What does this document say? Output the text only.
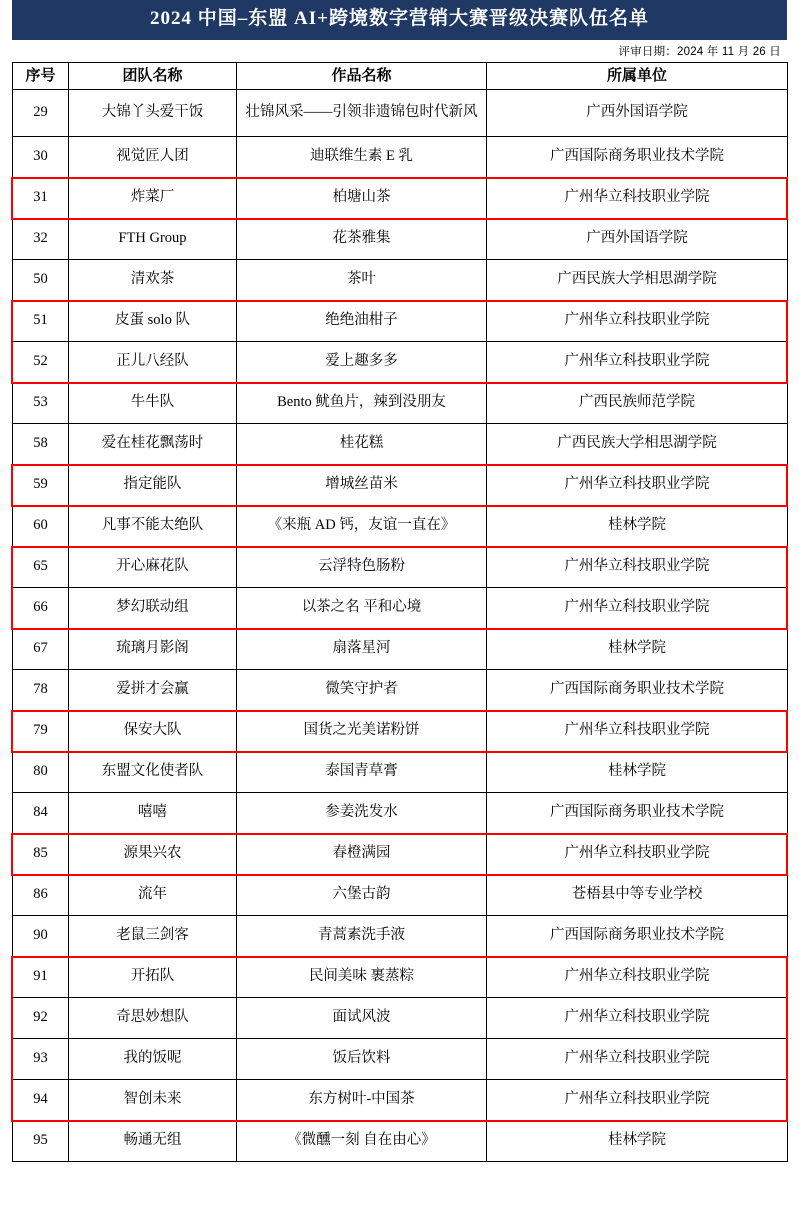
2024 中国–东盟 AI+跨境数字营销大赛晋级决赛队伍名单
评审日期：2024 年 11 月 26 日
序号	团队名称	作品名称	所属单位
29	大锦丫头爱干饭	壮锦风采——引领非遗锦包时代新风	广西外国语学院
30	视觉匠人团	迪联维生素 E 乳	广西国际商务职业技术学院
31	炸菜厂	柏塘山茶	广州华立科技职业学院
32	FTH Group	花茶雅集	广西外国语学院
50	清欢茶	茶叶	广西民族大学相思湖学院
51	皮蛋 solo 队	绝绝油柑子	广州华立科技职业学院
52	正儿八经队	爱上趣多多	广州华立科技职业学院
53	牛牛队	Bento 鱿鱼片，辣到没朋友	广西民族师范学院
58	爱在桂花飘荡时	桂花糕	广西民族大学相思湖学院
59	指定能队	增城丝苗米	广州华立科技职业学院
60	凡事不能太绝队	《来瓶 AD 钙，友谊一直在》	桂林学院
65	开心麻花队	云浮特色肠粉	广州华立科技职业学院
66	梦幻联动组	以茶之名 平和心境	广州华立科技职业学院
67	琉璃月影阁	扇落星河	桂林学院
78	爱拼才会赢	微笑守护者	广西国际商务职业技术学院
79	保安大队	国货之光美诺粉饼	广州华立科技职业学院
80	东盟文化使者队	泰国青草膏	桂林学院
84	嘻嘻	参姜洗发水	广西国际商务职业技术学院
85	源果兴农	春橙满园	广州华立科技职业学院
86	流年	六堡古韵	苍梧县中等专业学校
90	老鼠三剑客	青蒿素洗手液	广西国际商务职业技术学院
91	开拓队	民间美味 裹蒸粽	广州华立科技职业学院
92	奇思妙想队	面试风波	广州华立科技职业学院
93	我的饭呢	饭后饮料	广州华立科技职业学院
94	智创未来	东方树叶-中国茶	广州华立科技职业学院
95	畅通无组	《微醺一刻 自在由心》	桂林学院
